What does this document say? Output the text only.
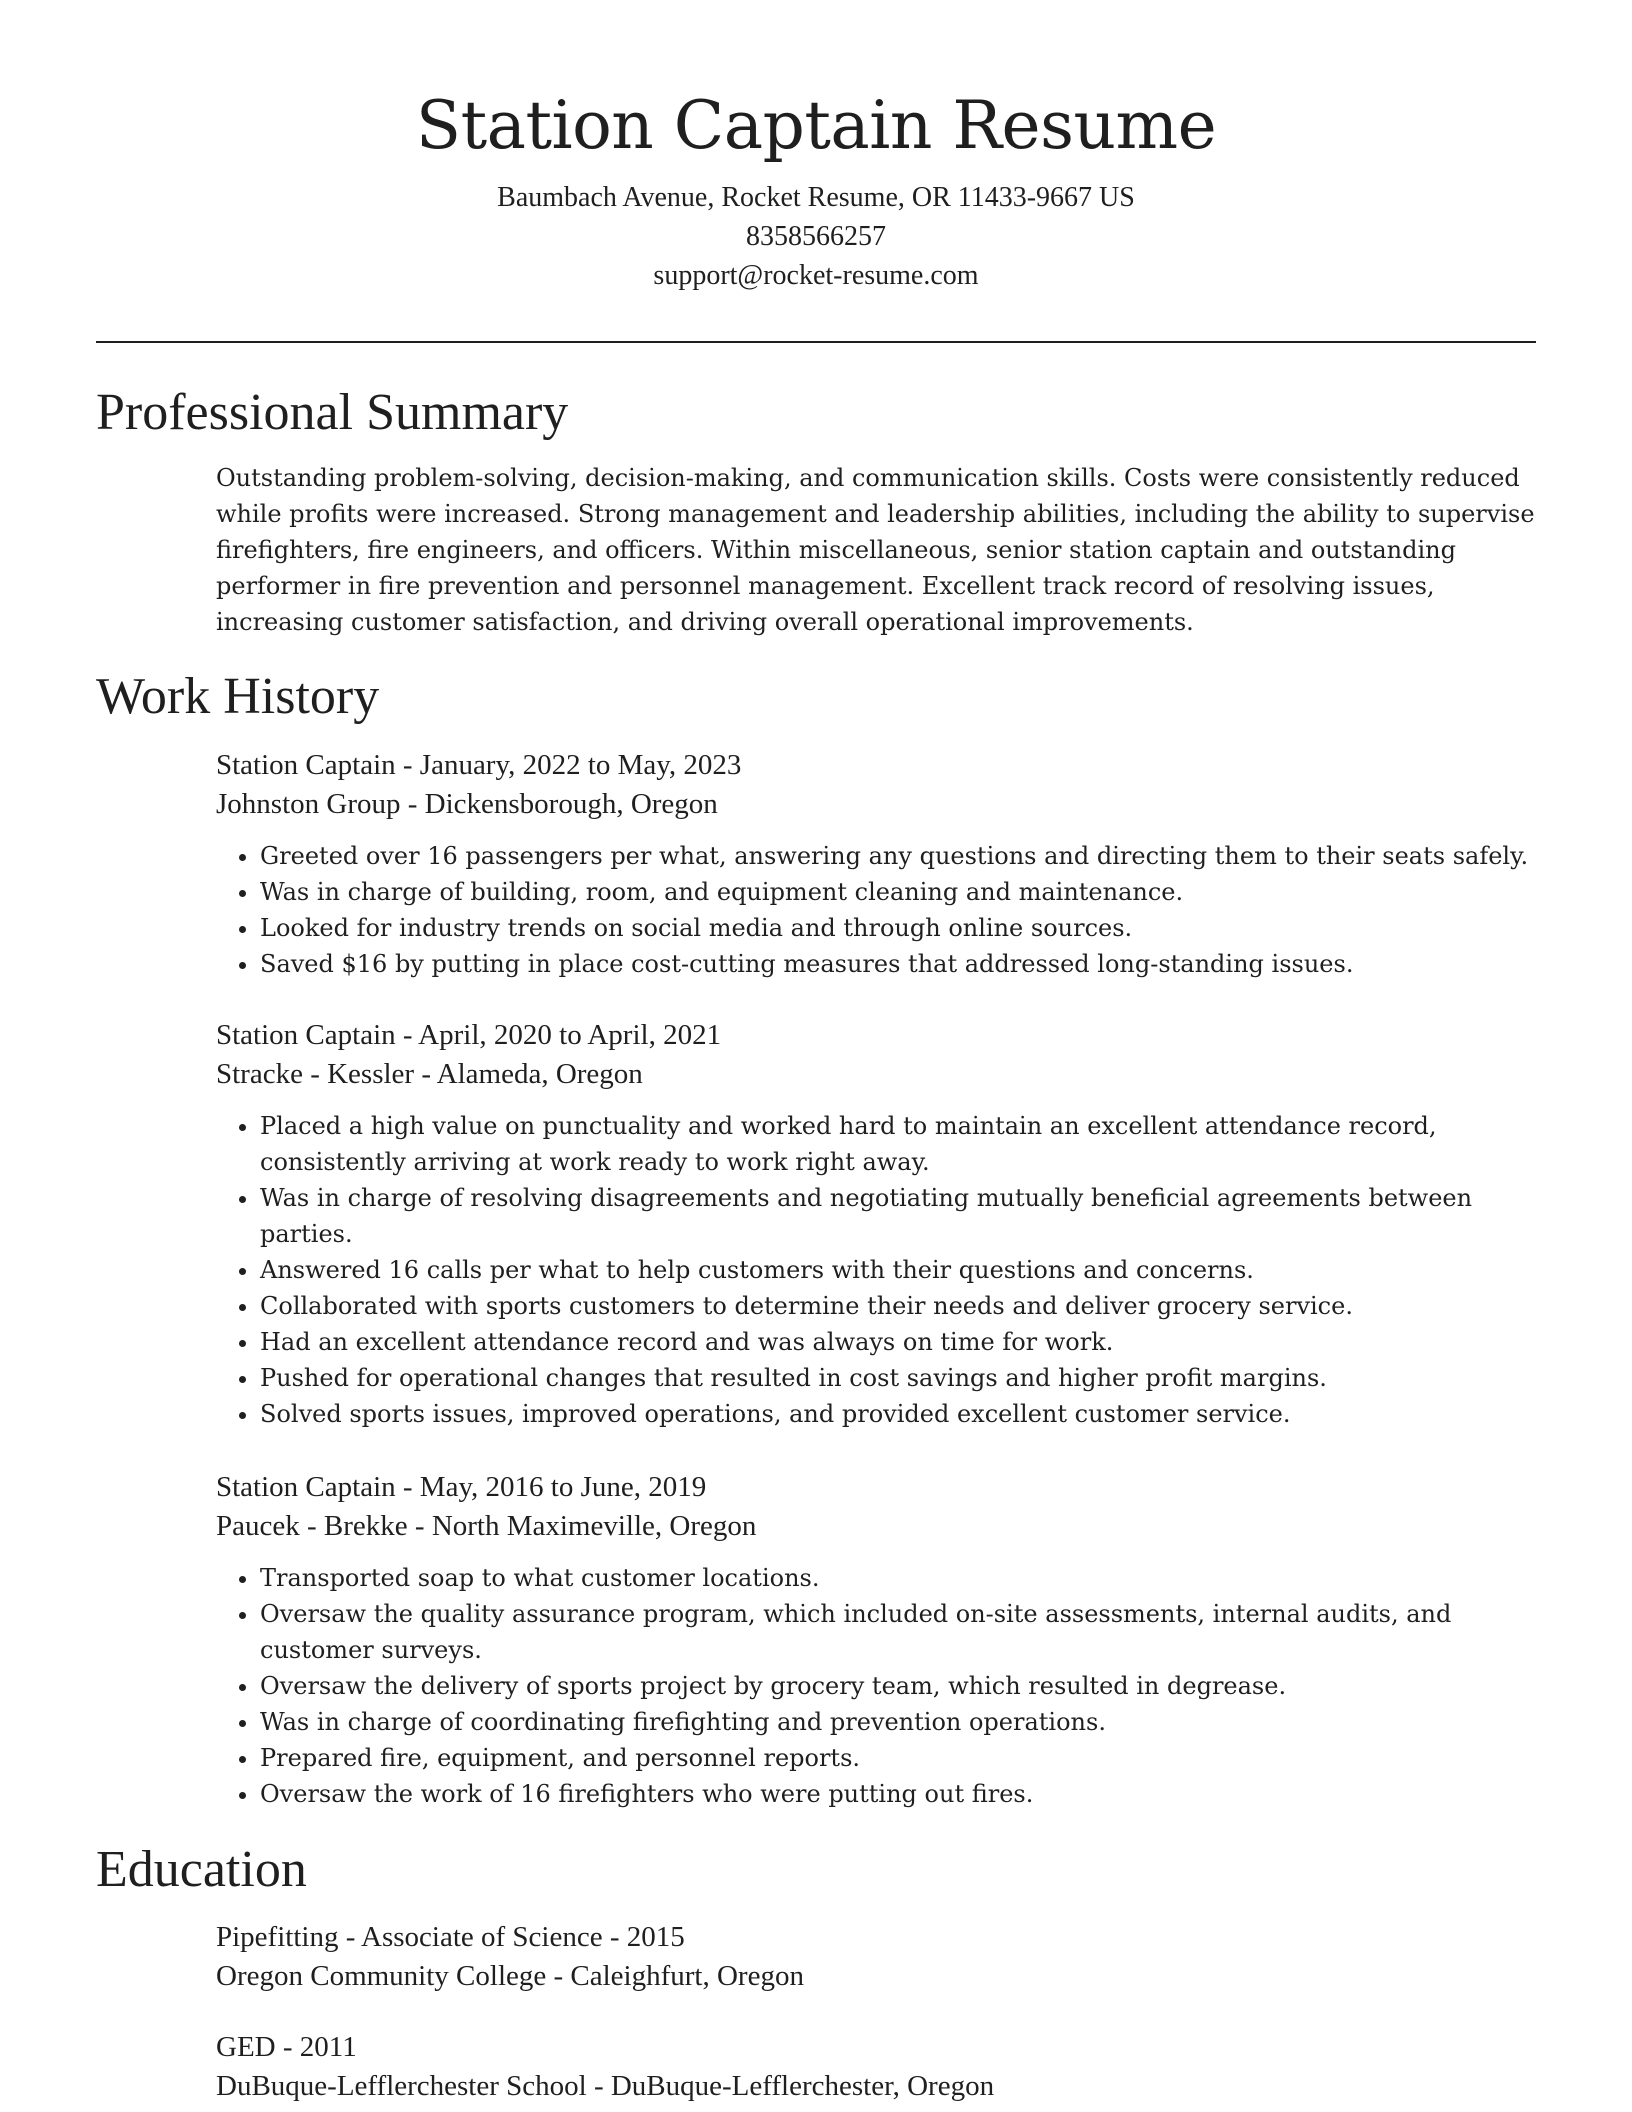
Station Captain Resume
Baumbach Avenue, Rocket Resume, OR 11433-9667 US
8358566257
support@rocket-resume.com
Professional Summary

Outstanding problem-solving, decision-making, and communication skills. Costs were consistently reduced while profits were increased. Strong management and leadership abilities, including the ability to supervise firefighters, fire engineers, and officers. Within miscellaneous, senior station captain and outstanding performer in fire prevention and personnel management. Excellent track record of resolving issues, increasing customer satisfaction, and driving overall operational improvements.

Work History

Station Captain - January, 2022 to May, 2023

Johnston Group - Dickensborough, Oregon

• Greeted over 16 passengers per what, answering any questions and directing them to their seats safely.
• Was in charge of building, room, and equipment cleaning and maintenance.
• Looked for industry trends on social media and through online sources.
• Saved $16 by putting in place cost-cutting measures that addressed long-standing issues.

Station Captain - April, 2020 to April, 2021

Stracke - Kessler - Alameda, Oregon

• Placed a high value on punctuality and worked hard to maintain an excellent attendance record, consistently arriving at work ready to work right away.
• Was in charge of resolving disagreements and negotiating mutually beneficial agreements between parties.
• Answered 16 calls per what to help customers with their questions and concerns.
• Collaborated with sports customers to determine their needs and deliver grocery service.
• Had an excellent attendance record and was always on time for work.
• Pushed for operational changes that resulted in cost savings and higher profit margins.
• Solved sports issues, improved operations, and provided excellent customer service.

Station Captain - May, 2016 to June, 2019

Paucek - Brekke - North Maximeville, Oregon

• Transported soap to what customer locations.
• Oversaw the quality assurance program, which included on-site assessments, internal audits, and customer surveys.
• Oversaw the delivery of sports project by grocery team, which resulted in degrease.
• Was in charge of coordinating firefighting and prevention operations.
• Prepared fire, equipment, and personnel reports.
• Oversaw the work of 16 firefighters who were putting out fires.
Education

Pipefitting - Associate of Science - 2015

Oregon Community College - Caleighfurt, Oregon

GED - 2011

DuBuque-Lefflerchester School - DuBuque-Lefflerchester, Oregon
